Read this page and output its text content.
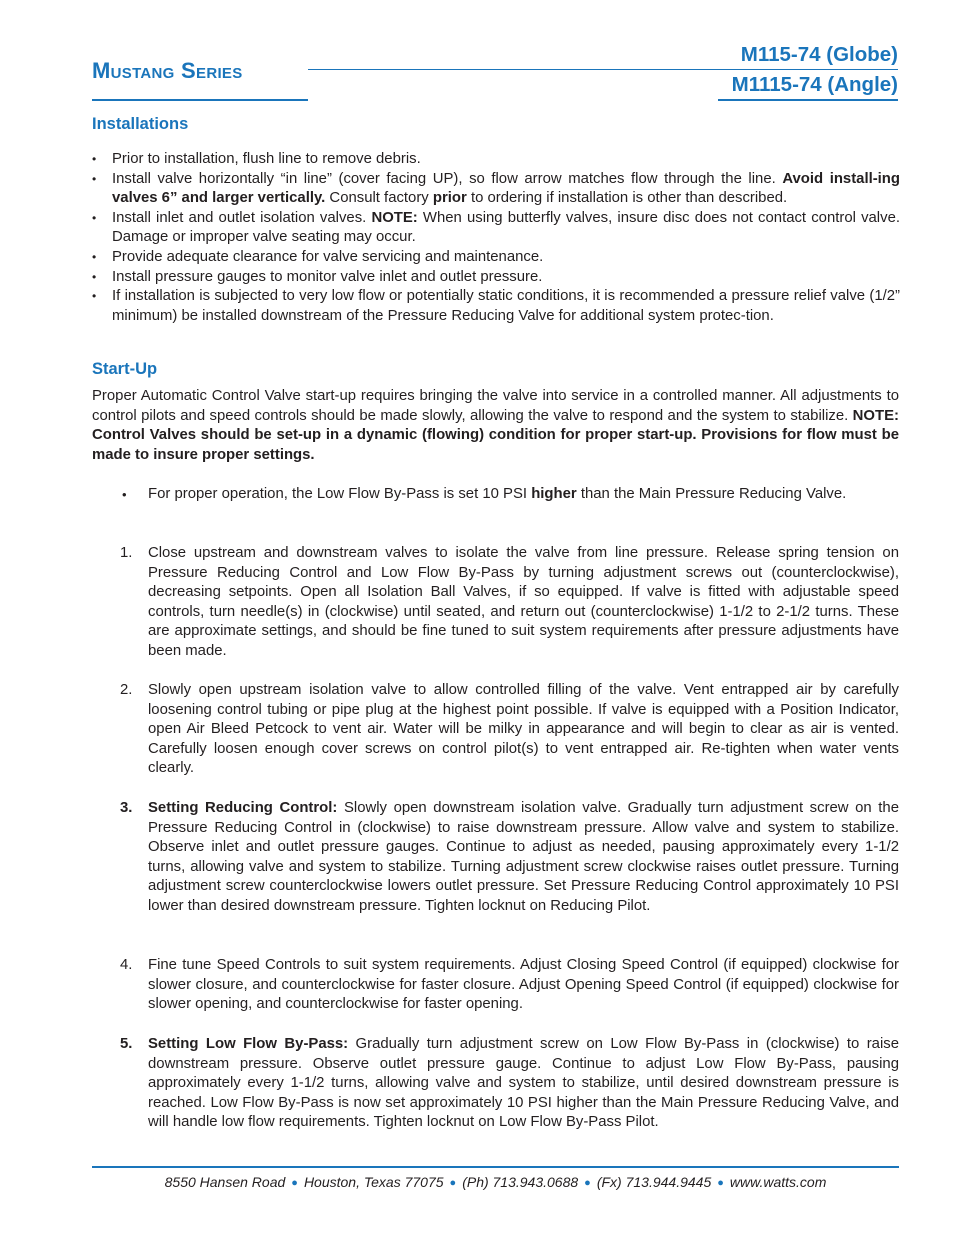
Mustang Series
M115-74 (Globe)
M1115-74 (Angle)
Installations
• Prior to installation, flush line to remove debris.
• Install valve horizontally “in line” (cover facing UP), so flow arrow matches flow through the line. Avoid install-ing valves 6” and larger vertically. Consult factory prior to ordering if installation is other than described.
• Install inlet and outlet isolation valves. NOTE: When using butterfly valves, insure disc does not contact control valve. Damage or improper valve seating may occur.
• Provide adequate clearance for valve servicing and maintenance.
• Install pressure gauges to monitor valve inlet and outlet pressure.
• If installation is subjected to very low flow or potentially static conditions, it is recommended a pressure relief valve (1/2” minimum) be installed downstream of the Pressure Reducing Valve for additional system protec-tion.
Start-Up

Proper Automatic Control Valve start-up requires bringing the valve into service in a controlled manner. All adjustments to control pilots and speed controls should be made slowly, allowing the valve to respond and the system to stabilize. NOTE: Control Valves should be set-up in a dynamic (flowing) condition for proper start-up. Provisions for flow must be made to insure proper settings.

• For proper operation, the Low Flow By-Pass is set 10 PSI higher than the Main Pressure Reducing Valve.
1.	Close upstream and downstream valves to isolate the valve from line pressure. Release spring tension on Pressure Reducing Control and Low Flow By-Pass by turning adjustment screws out (counterclockwise), decreasing setpoints. Open all Isolation Ball Valves, if so equipped. If valve is fitted with adjustable speed controls, turn needle(s) in (clockwise) until seated, and return out (counterclockwise) 1-1/2 to 2-1/2 turns. These are approximate settings, and should be fine tuned to suit system requirements after pressure adjustments have been made.
2.	Slowly open upstream isolation valve to allow controlled filling of the valve. Vent entrapped air by carefully loosening control tubing or pipe plug at the highest point possible. If valve is equipped with a Position Indicator, open Air Bleed Petcock to vent air. Water will be milky in appearance and will begin to clear as air is vented. Carefully loosen enough cover screws on control pilot(s) to vent entrapped air. Re-tighten when water vents clearly.
3.	Setting Reducing Control: Slowly open downstream isolation valve. Gradually turn adjustment screw on the Pressure Reducing Control in (clockwise) to raise downstream pressure. Allow valve and system to stabilize. Observe inlet and outlet pressure gauges. Continue to adjust as needed, pausing approximately every 1-1/2 turns, allowing valve and system to stabilize. Turning adjustment screw clockwise raises outlet pressure. Turning adjustment screw counterclockwise lowers outlet pressure. Set Pressure Reducing Control approximately 10 PSI lower than desired downstream pressure. Tighten locknut on Reducing Pilot.
4.	Fine tune Speed Controls to suit system requirements. Adjust Closing Speed Control (if equipped) clockwise for slower closure, and counterclockwise for faster closure. Adjust Opening Speed Control (if equipped) clockwise for slower opening, and counterclockwise for faster opening.
5.	Setting Low Flow By-Pass: Gradually turn adjustment screw on Low Flow By-Pass in (clockwise) to raise downstream pressure. Observe outlet pressure gauge. Continue to adjust Low Flow By-Pass, pausing approximately every 1-1/2 turns, allowing valve and system to stabilize, until desired downstream pressure is reached. Low Flow By-Pass is now set approximately 10 PSI higher than the Main Pressure Reducing Valve, and will handle low flow requirements. Tighten locknut on Low Flow By-Pass Pilot.
8550 Hansen Road ● Houston, Texas 77075 ● (Ph) 713.943.0688 ● (Fx) 713.944.9445 ● www.watts.com
